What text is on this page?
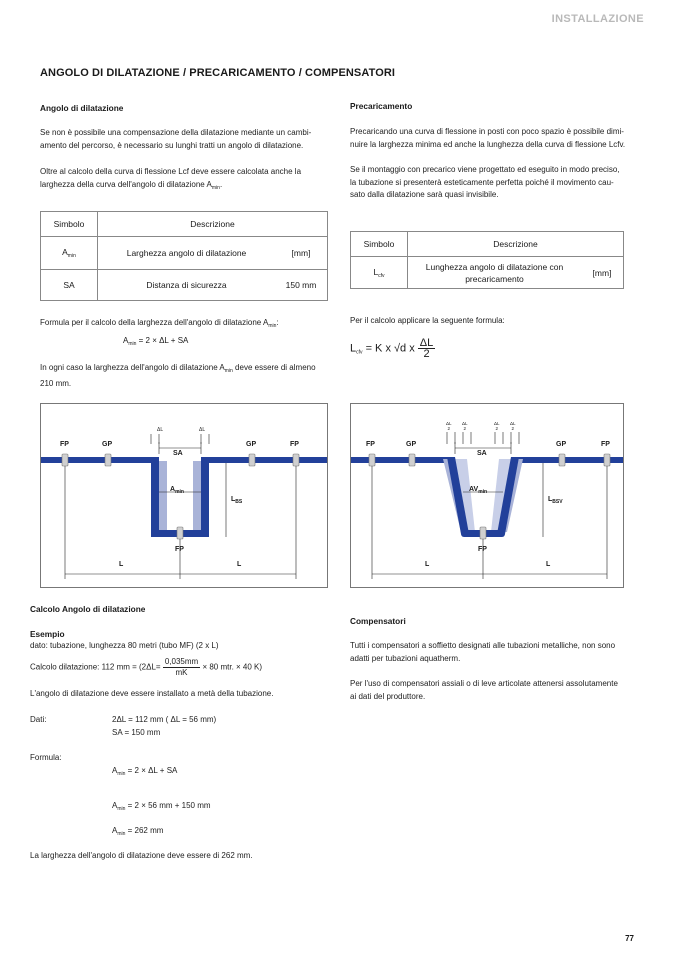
INSTALLAZIONE
ANGOLO DI DILATAZIONE / PRECARICAMENTO / COMPENSATORI
Angolo di dilatazione
Se non è possibile una compensazione della dilatazione mediante un cambi-
amento del percorso, è necessario su lunghi tratti un angolo di dilatazione.
Oltre al calcolo della curva di flessione Lcf deve essere calcolata anche la
larghezza della curva dell'angolo di dilatazione $A_{min}$.
Simbolo	Descrizione	
$A_{min}$	Larghezza angolo di dilatazione	[mm]
SA	Distanza di sicurezza	150 mm
Formula per il calcolo della larghezza dell'angolo di dilatazione $A_{min}$:
$A_{min} = 2 \times \Delta L$ + SA
In ogni caso la larghezza dell'angolo di dilatazione $A_{min}$ deve essere di almeno
210 mm.
Precaricamento
Precaricando una curva di flessione in posti con poco spazio è possibile dimi-
nuire la larghezza minima ed anche la lunghezza della curva di flessione Lcfv.
Se il montaggio con precarico viene progettato ed eseguito in modo preciso,
la tubazione si presenterà esteticamente perfetta poiché il movimento cau-
sato dalla dilatazione sarà quasi invisibile.
Simbolo	Descrizione	
$L_{cfv}$	Lunghezza angolo di dilatazione con
precaricamento	[mm]
Per il calcolo applicare la seguente formula:
$L_{cfv} = K$ x √d x $\frac{\Delta L}{2}$
FP	GP	GP	FP
ΔL	ΔL
SA
$A_{min}$
$L_{BS}$
FP
L	L
FP	GP	GP	FP
ΔL
2
ΔL
2
ΔL
2
ΔL
2
SA
$AV_{min}$
$L_{BSV}$
FP
L	L
Calcolo Angolo di dilatazione
Esempio
dato: tubazione, lunghezza 80 metri (tubo MF) (2 x L)
Calcolo dilatazione: 112 mm = ($2\Delta L= \frac{0,035mm}{mK} \times 80$ mtr. × 40 K)
L'angolo di dilatazione deve essere installato a metà della tubazione.
Dati:	2ΔL = 112 mm ( ΔL = 56 mm)
SA = 150 mm
Formula:
$A_{min} = 2 \times \Delta L$ + SA
$A_{min} = 2 \times 56$ mm + 150 mm
$A_{min} = 262$ mm
La larghezza dell'angolo di dilatazione deve essere di 262 mm.
Compensatori
Tutti i compensatori a soffietto designati alle tubazioni metalliche, non sono
adatti per tubazioni aquatherm.
Per l'uso di compensatori assiali o di leve articolate attenersi assolutamente
ai dati del produttore.
77
